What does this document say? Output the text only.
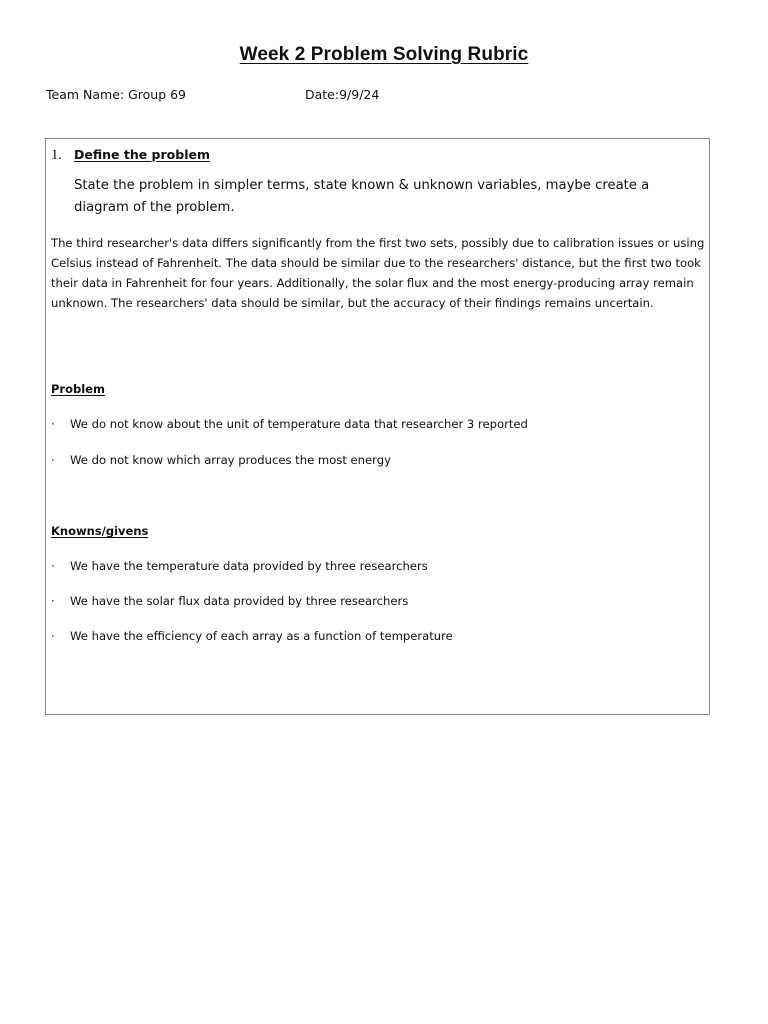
Week 2 Problem Solving Rubric
Team Name: Group 69	Date:9/9/24
1. Define the problem
State the problem in simpler terms, state known & unknown variables, maybe create a diagram of the problem.
The third researcher's data differs significantly from the first two sets, possibly due to calibration issues or using Celsius instead of Fahrenheit. The data should be similar due to the researchers' distance, but the first two took their data in Fahrenheit for four years. Additionally, the solar flux and the most energy-producing array remain unknown. The researchers' data should be similar, but the accuracy of their findings remains uncertain.
Problem
· We do not know about the unit of temperature data that researcher 3 reported
· We do not know which array produces the most energy
Knowns/givens
· We have the temperature data provided by three researchers
· We have the solar flux data provided by three researchers
· We have the efficiency of each array as a function of temperature
